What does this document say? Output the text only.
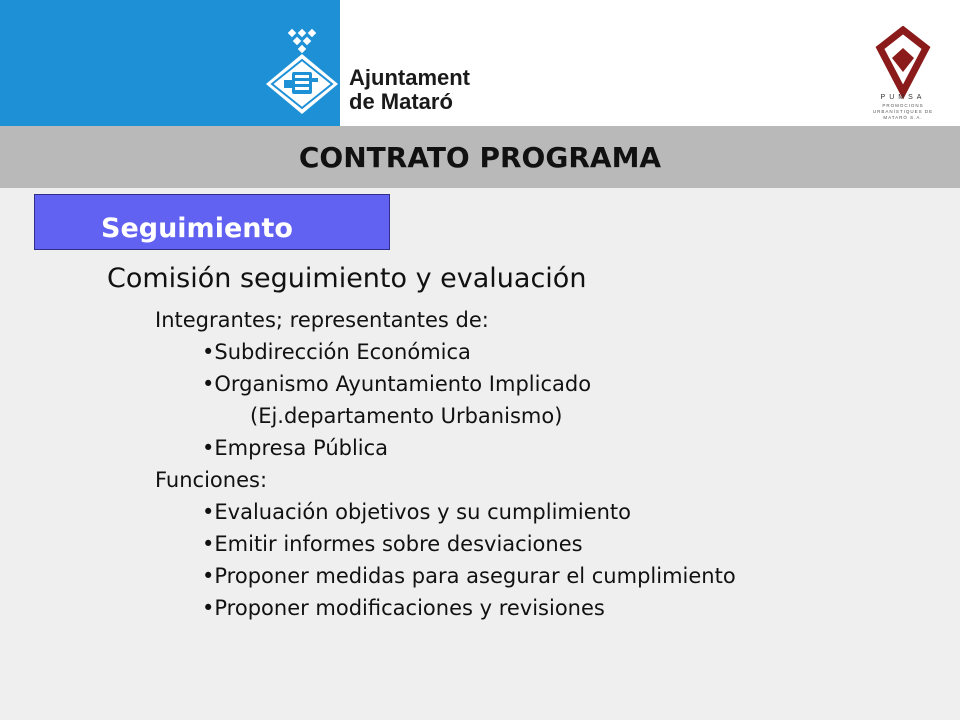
Ajuntament
de Mataró	PUMSA
PROMOCIONS URBANÍSTIQUES DE MATARÓ S.A.
CONTRATO PROGRAMA
Seguimiento
Comisión seguimiento y evaluación
Integrantes; representantes de:
•Subdirección Económica
•Organismo Ayuntamiento Implicado
(Ej.departamento Urbanismo)
•Empresa Pública
Funciones:
•Evaluación objetivos y su cumplimiento
•Emitir informes sobre desviaciones
•Proponer medidas para asegurar el cumplimiento
•Proponer modificaciones y revisiones
